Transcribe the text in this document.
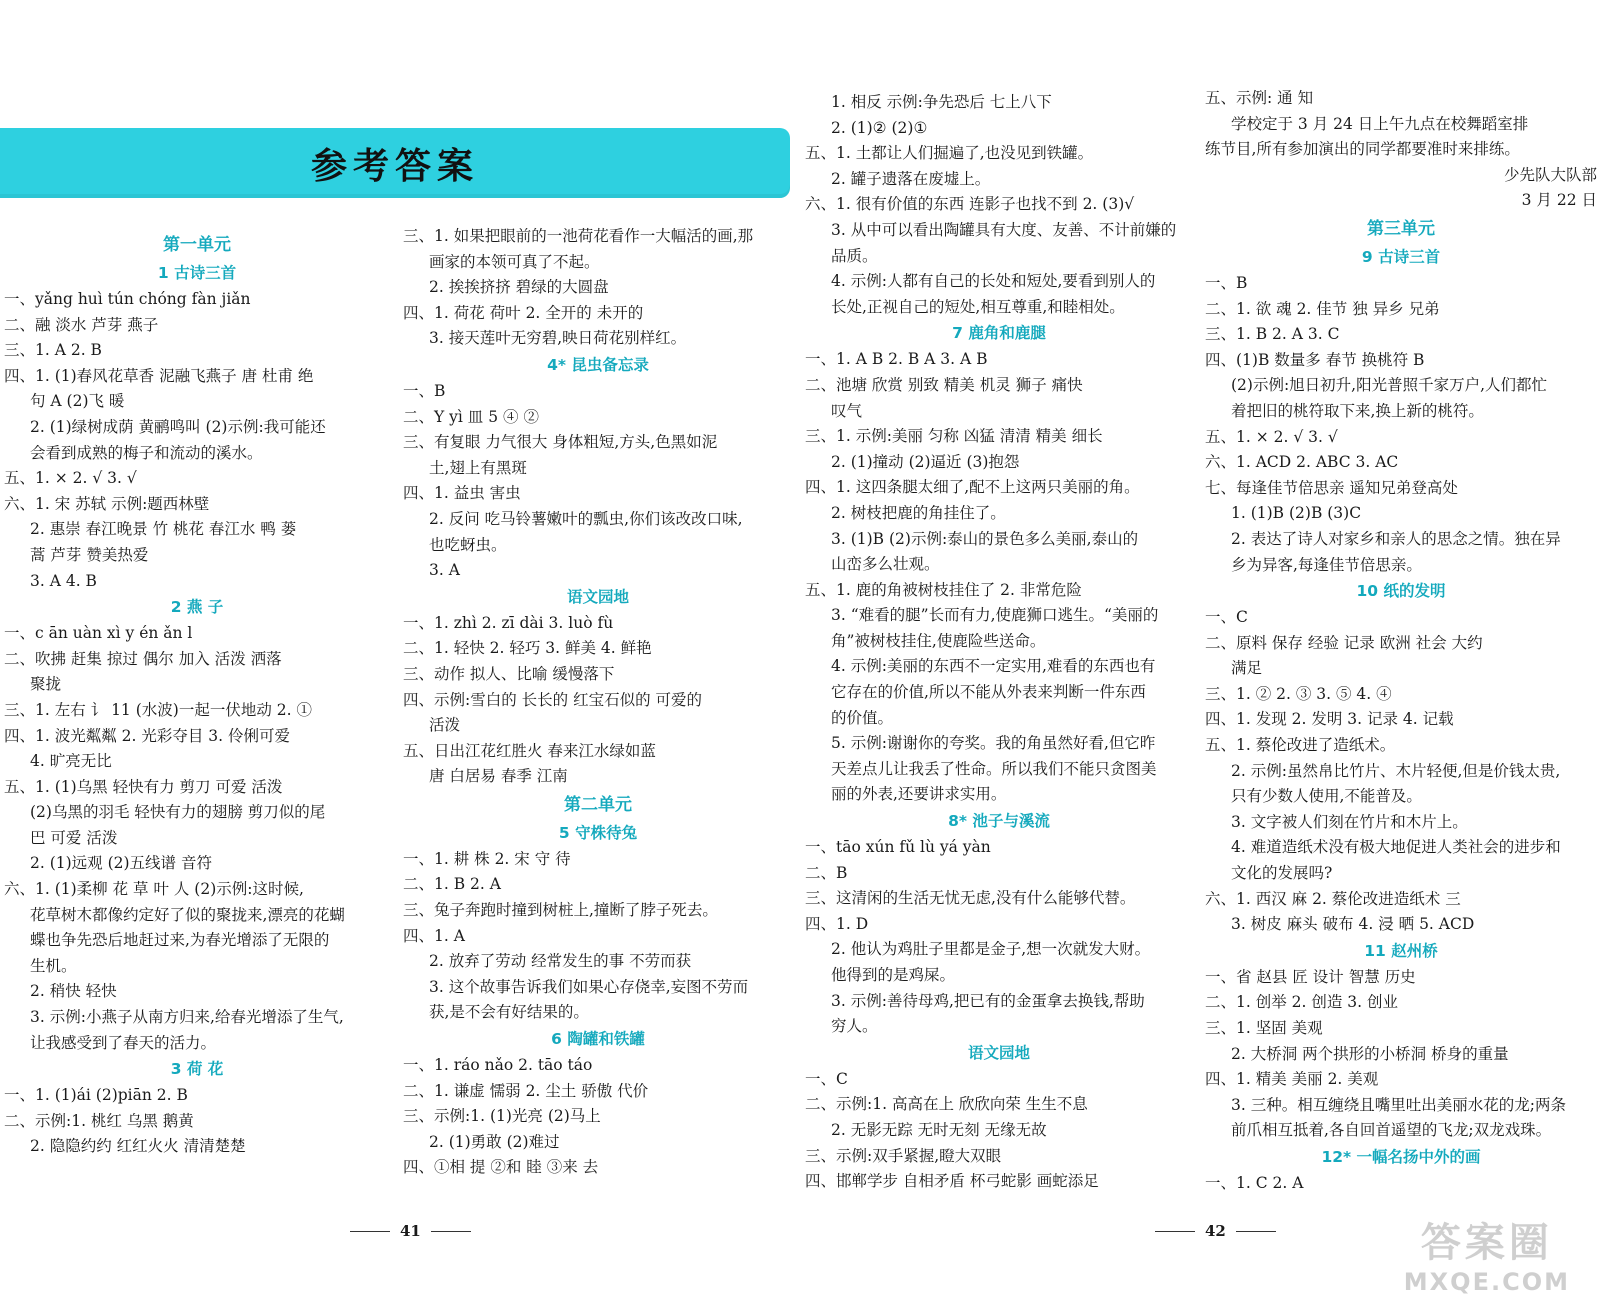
参考答案
第一单元
1 古诗三首

一、yǎng huì tún chóng fàn jiǎn

二、融 淡水 芦芽 燕子

三、1. A 2. B

四、1. (1)春风花草香 泥融飞燕子 唐 杜甫 绝

句 A (2)飞 暖

2. (1)绿树成荫 黄鹂鸣叫 (2)示例:我可能还

会看到成熟的梅子和流动的溪水。

五、1. × 2. √ 3. √

六、1. 宋 苏轼 示例:题西林壁

2. 惠崇 春江晚景 竹 桃花 春江水 鸭 蒌

蒿 芦芽 赞美热爱

3. A 4. B

2 燕 子

一、c ān uàn xì y én ǎn l

二、吹拂 赶集 掠过 偶尔 加入 活泼 洒落

聚拢

三、1. 左右 讠 11 (水波)一起一伏地动 2. ①

四、1. 波光粼粼 2. 光彩夺目 3. 伶俐可爱

4. 旷亮无比

五、1. (1)乌黑 轻快有力 剪刀 可爱 活泼

(2)乌黑的羽毛 轻快有力的翅膀 剪刀似的尾

巴 可爱 活泼

2. (1)远观 (2)五线谱 音符

六、1. (1)柔柳 花 草 叶 人 (2)示例:这时候,

花草树木都像约定好了似的聚拢来,漂亮的花蝴

蝶也争先恐后地赶过来,为春光增添了无限的

生机。

2. 稍快 轻快

3. 示例:小燕子从南方归来,给春光增添了生气,

让我感受到了春天的活力。

3 荷 花

一、1. (1)ái (2)piān 2. B

二、示例:1. 桃红 乌黑 鹅黄

2. 隐隐约约 红红火火 清清楚楚

三、1. 如果把眼前的一池荷花看作一大幅活的画,那

画家的本领可真了不起。

2. 挨挨挤挤 碧绿的大圆盘

四、1. 荷花 荷叶 2. 全开的 未开的

3. 接天莲叶无穷碧,映日荷花别样红。

4* 昆虫备忘录

一、B

二、Y yì 皿 5 ④ ②

三、有复眼 力气很大 身体粗短,方头,色黑如泥

土,翅上有黑斑

四、1. 益虫 害虫

2. 反问 吃马铃薯嫩叶的瓢虫,你们该改改口味,

也吃蚜虫。

3. A

语文园地

一、1. zhì 2. zī dài 3. luò fù

二、1. 轻快 2. 轻巧 3. 鲜美 4. 鲜艳

三、动作 拟人、比喻 缓慢落下

四、示例:雪白的 长长的 红宝石似的 可爱的

活泼

五、日出江花红胜火 春来江水绿如蓝

唐 白居易 春季 江南

第二单元
5 守株待兔

一、1. 耕 株 2. 宋 守 待

二、1. B 2. A

三、兔子奔跑时撞到树桩上,撞断了脖子死去。

四、1. A

2. 放弃了劳动 经常发生的事 不劳而获

3. 这个故事告诉我们如果心存侥幸,妄图不劳而

获,是不会有好结果的。

6 陶罐和铁罐

一、1. ráo nǎo 2. tāo táo

二、1. 谦虚 懦弱 2. 尘土 骄傲 代价

三、示例:1. (1)光亮 (2)马上

2. (1)勇敢 (2)难过

四、①相 提 ②和 睦 ③来 去

1. 相反 示例:争先恐后 七上八下

2. (1)② (2)①

五、1. 土都让人们掘遍了,也没见到铁罐。

2. 罐子遗落在废墟上。

六、1. 很有价值的东西 连影子也找不到 2. (3)√

3. 从中可以看出陶罐具有大度、友善、不计前嫌的

品质。

4. 示例:人都有自己的长处和短处,要看到别人的

长处,正视自己的短处,相互尊重,和睦相处。

7 鹿角和鹿腿

一、1. A B 2. B A 3. A B

二、池塘 欣赏 别致 精美 机灵 狮子 痛快

叹气

三、1. 示例:美丽 匀称 凶猛 清清 精美 细长

2. (1)撞动 (2)逼近 (3)抱怨

四、1. 这四条腿太细了,配不上这两只美丽的角。

2. 树枝把鹿的角挂住了。

3. (1)B (2)示例:泰山的景色多么美丽,泰山的

山峦多么壮观。

五、1. 鹿的角被树枝挂住了 2. 非常危险

3. “难看的腿”长而有力,使鹿狮口逃生。“美丽的

角”被树枝挂住,使鹿险些送命。

4. 示例:美丽的东西不一定实用,难看的东西也有

它存在的价值,所以不能从外表来判断一件东西

的价值。

5. 示例:谢谢你的夸奖。我的角虽然好看,但它昨

天差点儿让我丢了性命。所以我们不能只贪图美

丽的外表,还要讲求实用。

8* 池子与溪流

一、tāo xún fǔ lù yá yàn

二、B

三、这清闲的生活无忧无虑,没有什么能够代替。

四、1. D

2. 他认为鸡肚子里都是金子,想一次就发大财。

他得到的是鸡屎。

3. 示例:善待母鸡,把已有的金蛋拿去换钱,帮助

穷人。

语文园地

一、C

二、示例:1. 高高在上 欣欣向荣 生生不息

2. 无影无踪 无时无刻 无缘无故

三、示例:双手紧握,瞪大双眼

四、邯郸学步 自相矛盾 杯弓蛇影 画蛇添足

五、示例: 通 知

学校定于 3 月 24 日上午九点在校舞蹈室排

练节目,所有参加演出的同学都要准时来排练。

少先队大队部

3 月 22 日

第三单元
9 古诗三首

一、B

二、1. 欲 魂 2. 佳节 独 异乡 兄弟

三、1. B 2. A 3. C

四、(1)B 数量多 春节 换桃符 B

(2)示例:旭日初升,阳光普照千家万户,人们都忙

着把旧的桃符取下来,换上新的桃符。

五、1. × 2. √ 3. √

六、1. ACD 2. ABC 3. AC

七、每逢佳节倍思亲 遥知兄弟登高处

1. (1)B (2)B (3)C

2. 表达了诗人对家乡和亲人的思念之情。独在异

乡为异客,每逢佳节倍思亲。

10 纸的发明

一、C

二、原料 保存 经验 记录 欧洲 社会 大约

满足

三、1. ② 2. ③ 3. ⑤ 4. ④

四、1. 发现 2. 发明 3. 记录 4. 记载

五、1. 蔡伦改进了造纸术。

2. 示例:虽然帛比竹片、木片轻便,但是价钱太贵,

只有少数人使用,不能普及。

3. 文字被人们刻在竹片和木片上。

4. 难道造纸术没有极大地促进人类社会的进步和

文化的发展吗?

六、1. 西汉 麻 2. 蔡伦改进造纸术 三

3. 树皮 麻头 破布 4. 浸 晒 5. ACD

11 赵州桥

一、省 赵县 匠 设计 智慧 历史

二、1. 创举 2. 创造 3. 创业

三、1. 坚固 美观

2. 大桥洞 两个拱形的小桥洞 桥身的重量

四、1. 精美 美丽 2. 美观

3. 三种。相互缠绕且嘴里吐出美丽水花的龙;两条

前爪相互抵着,各自回首遥望的飞龙;双龙戏珠。

12* 一幅名扬中外的画

一、1. C 2. A

41	42	答案圈
MXQE.COM
